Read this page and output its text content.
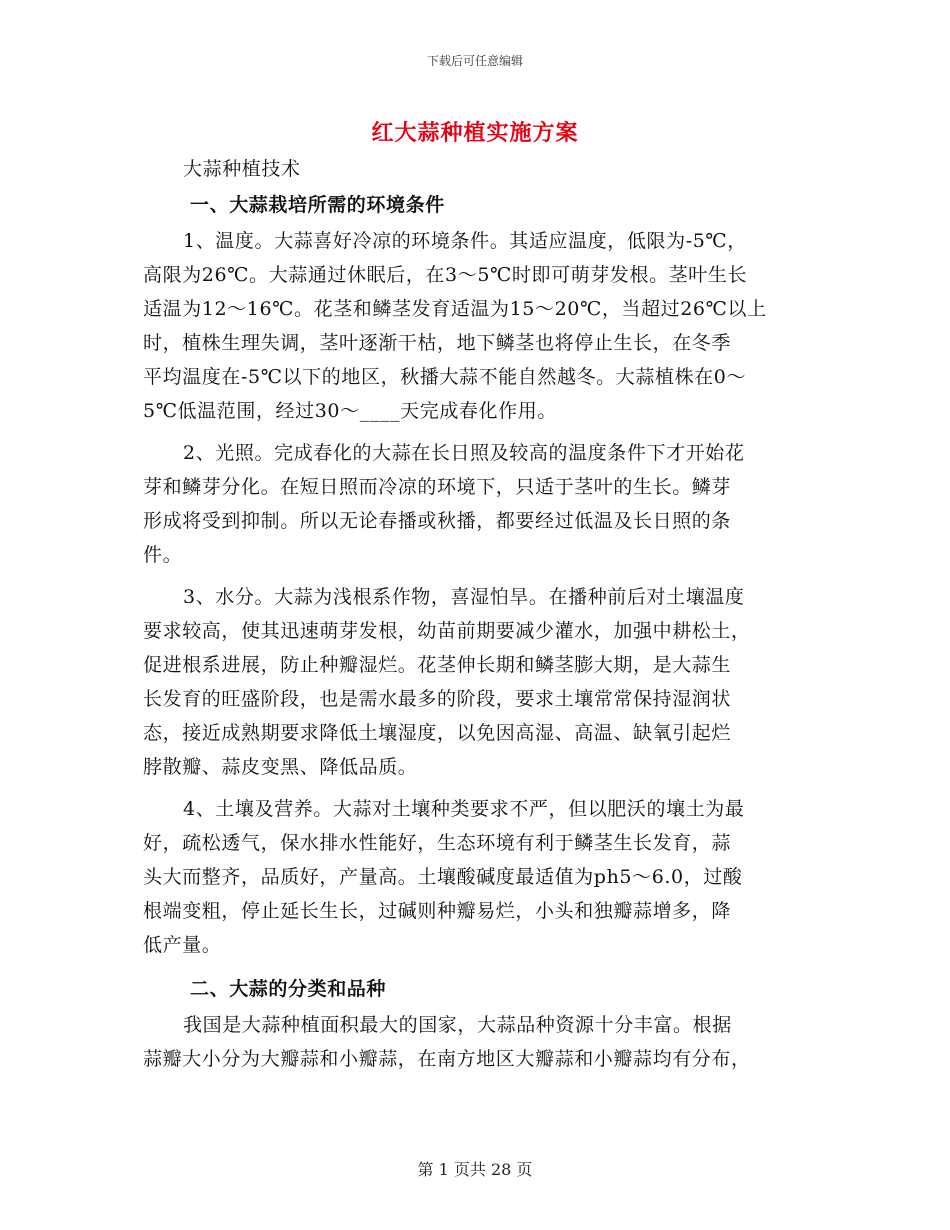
下载后可任意编辑
红大蒜种植实施方案
大蒜种植技术
一、大蒜栽培所需的环境条件
1、温度。大蒜喜好冷凉的环境条件。其适应温度，低限为-5℃，
高限为26℃。大蒜通过休眠后，在3～5℃时即可萌芽发根。茎叶生长
适温为12～16℃。花茎和鳞茎发育适温为15～20℃，当超过26℃以上
时，植株生理失调，茎叶逐渐干枯，地下鳞茎也将停止生长，在冬季
平均温度在-5℃以下的地区，秋播大蒜不能自然越冬。大蒜植株在0～
5℃低温范围，经过30～____天完成春化作用。
2、光照。完成春化的大蒜在长日照及较高的温度条件下才开始花
芽和鳞芽分化。在短日照而冷凉的环境下，只适于茎叶的生长。鳞芽
形成将受到抑制。所以无论春播或秋播，都要经过低温及长日照的条
件。
3、水分。大蒜为浅根系作物，喜湿怕旱。在播种前后对土壤温度
要求较高，使其迅速萌芽发根，幼苗前期要减少灌水，加强中耕松土，
促进根系进展，防止种瓣湿烂。花茎伸长期和鳞茎膨大期，是大蒜生
长发育的旺盛阶段，也是需水最多的阶段，要求土壤常常保持湿润状
态，接近成熟期要求降低土壤湿度，以免因高湿、高温、缺氧引起烂
脖散瓣、蒜皮变黑、降低品质。
4、土壤及营养。大蒜对土壤种类要求不严，但以肥沃的壤土为最
好，疏松透气，保水排水性能好，生态环境有利于鳞茎生长发育，蒜
头大而整齐，品质好，产量高。土壤酸碱度最适值为ph5～6.0，过酸
根端变粗，停止延长生长，过碱则种瓣易烂，小头和独瓣蒜增多，降
低产量。
二、大蒜的分类和品种
我国是大蒜种植面积最大的国家，大蒜品种资源十分丰富。根据
蒜瓣大小分为大瓣蒜和小瓣蒜，在南方地区大瓣蒜和小瓣蒜均有分布，
第 1 页共 28 页
